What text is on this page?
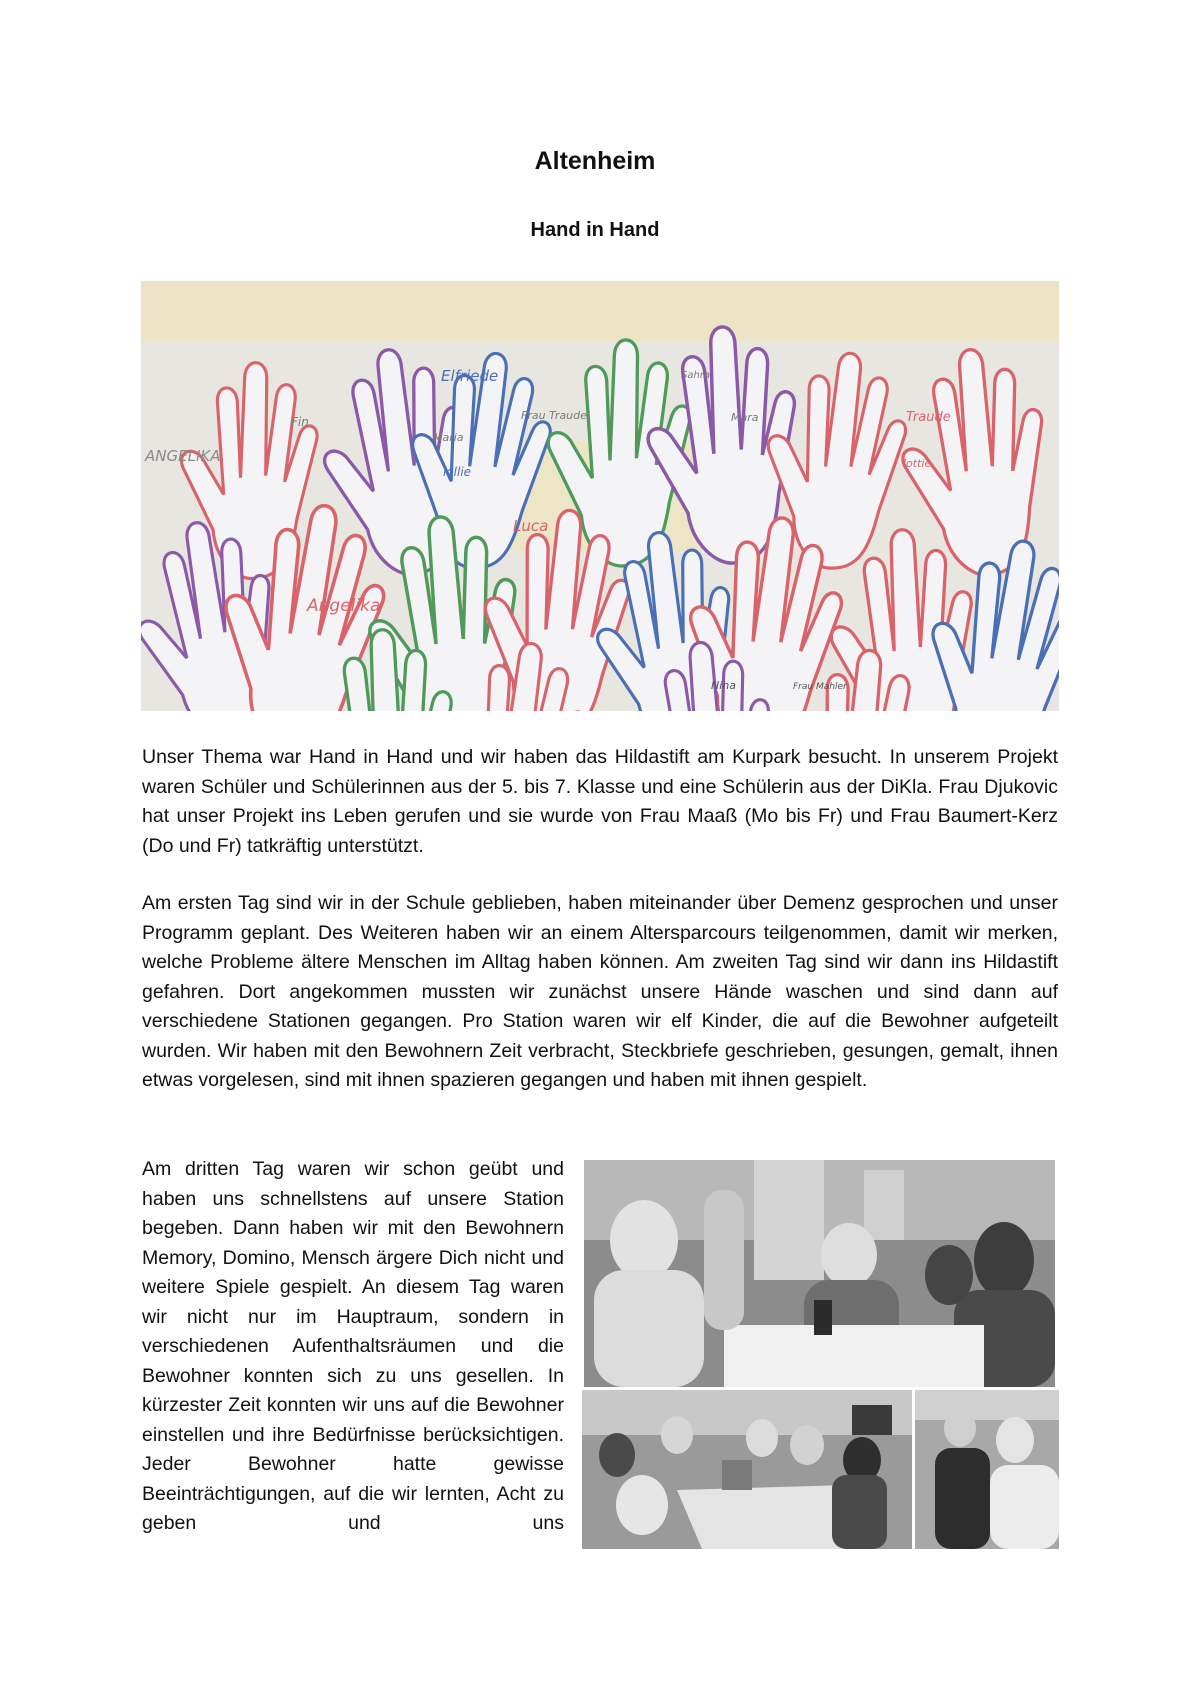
Altenheim
Hand in Hand
Elfriede
Fin
Maria
lollie
Frau Traudel
Sahra
Mara	Traude
lottie
ANGELIKA
Luca
Angelika
Nina	Frau Mahler

Unser Thema war Hand in Hand und wir haben das Hildastift am Kurpark besucht. In unserem Projekt waren Schüler und Schülerinnen aus der 5. bis 7. Klasse und eine Schülerin aus der DiKla. Frau Djukovic hat unser Projekt ins Leben gerufen und sie wurde von Frau Maaß (Mo bis Fr) und Frau Baumert-Kerz (Do und Fr) tatkräftig unterstützt.

Am ersten Tag sind wir in der Schule geblieben, haben miteinander über Demenz gesprochen und unser Programm geplant. Des Weiteren haben wir an einem Altersparcours teilgenommen, damit wir merken, welche Probleme ältere Menschen im Alltag haben können. Am zweiten Tag sind wir dann ins Hildastift gefahren. Dort angekommen mussten wir zunächst unsere Hände waschen und sind dann auf verschiedene Stationen gegangen. Pro Station waren wir elf Kinder, die auf die Bewohner aufgeteilt wurden. Wir haben mit den Bewohnern Zeit verbracht, Steckbriefe geschrieben, gesungen, gemalt, ihnen etwas vorgelesen, sind mit ihnen spazieren gegangen und haben mit ihnen gespielt.

Am dritten Tag waren wir schon geübt und haben uns schnellstens auf unsere Station begeben. Dann haben wir mit den Bewohnern Memory, Domino, Mensch ärgere Dich nicht und weitere Spiele gespielt. An diesem Tag waren wir nicht nur im Hauptraum, sondern in verschiedenen Aufenthaltsräumen und die Bewohner konnten sich zu uns gesellen. In kürzester Zeit konnten wir uns auf die Bewohner einstellen und ihre Bedürfnisse berücksichtigen. Jeder Bewohner hatte gewisse Beeinträchtigungen, auf die wir lernten, Acht zu geben und uns
